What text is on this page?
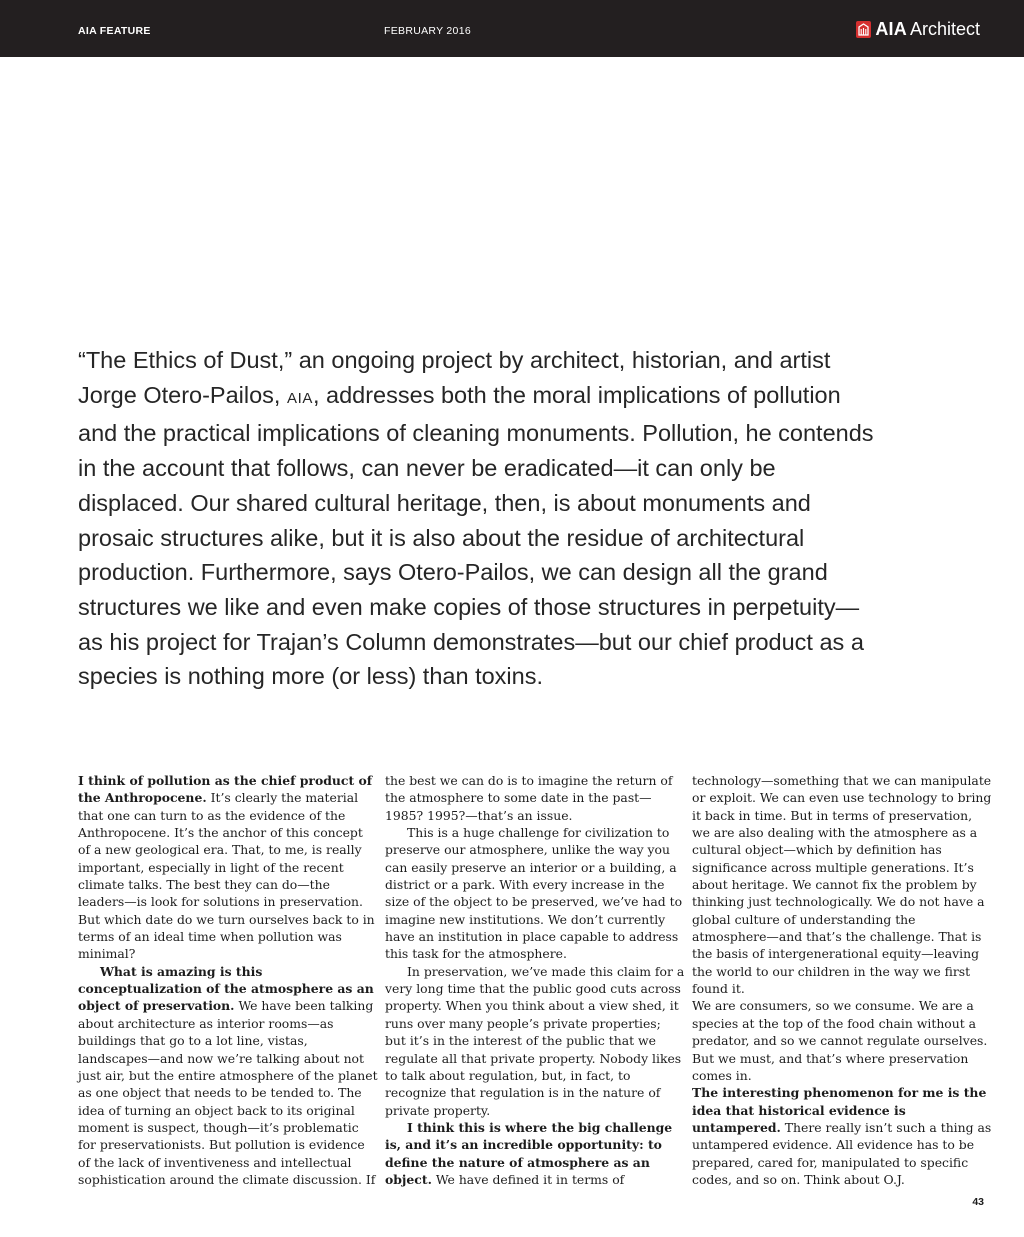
AIA FEATURE	FEBRUARY 2016	AIA Architect

“The Ethics of Dust,” an ongoing project by architect, historian, and artist Jorge Otero-Pailos, AIA, addresses both the moral implications of pollution and the practical implications of cleaning monuments. Pollution, he contends in the account that follows, can never be eradicated—it can only be displaced. Our shared cultural heritage, then, is about monuments and prosaic structures alike, but it is also about the residue of architectural production. Furthermore, says Otero-Pailos, we can design all the grand structures we like and even make copies of those structures in perpetuity—as his project for Trajan’s Column demonstrates—but our chief product as a species is nothing more (or less) than toxins.

I think of pollution as the chief product of the Anthropocene. It’s clearly the material that one can turn to as the evidence of the Anthropocene. It’s the anchor of this concept of a new geological era. That, to me, is really important, especially in light of the recent climate talks. The best they can do—the leaders—is look for solutions in preservation. But which date do we turn ourselves back to in terms of an ideal time when pollution was minimal?

What is amazing is this conceptualization of the atmosphere as an object of preservation. We have been talking about architecture as interior rooms—as buildings that go to a lot line, vistas, landscapes—and now we’re talking about not just air, but the entire atmosphere of the planet as one object that needs to be tended to. The idea of turning an object back to its original moment is suspect, though—it’s problematic for preservationists. But pollution is evidence of the lack of inventiveness and intellectual sophistication around the climate discussion. If

the best we can do is to imagine the return of the atmosphere to some date in the past—1985? 1995?—that’s an issue.

This is a huge challenge for civilization to preserve our atmosphere, unlike the way you can easily preserve an interior or a building, a district or a park. With every increase in the size of the object to be preserved, we’ve had to imagine new institutions. We don’t currently have an institution in place capable to address this task for the atmosphere.

In preservation, we’ve made this claim for a very long time that the public good cuts across property. When you think about a view shed, it runs over many people’s private properties; but it’s in the interest of the public that we regulate all that private property. Nobody likes to talk about regulation, but, in fact, to recognize that regulation is in the nature of private property.

I think this is where the big challenge is, and it’s an incredible opportunity: to define the nature of atmosphere as an object. We have defined it in terms of

technology—something that we can manipulate or exploit. We can even use technology to bring it back in time. But in terms of preservation, we are also dealing with the atmosphere as a cultural object—which by definition has significance across multiple generations. It’s about heritage. We cannot fix the problem by thinking just technologically. We do not have a global culture of understanding the atmosphere—and that’s the challenge. That is the basis of intergenerational equity—leaving the world to our children in the way we first found it.

We are consumers, so we consume. We are a species at the top of the food chain without a predator, and so we cannot regulate ourselves. But we must, and that’s where preservation comes in.

The interesting phenomenon for me is the idea that historical evidence is untampered. There really isn’t such a thing as untampered evidence. All evidence has to be prepared, cared for, manipulated to specific codes, and so on. Think about O.J.

43
